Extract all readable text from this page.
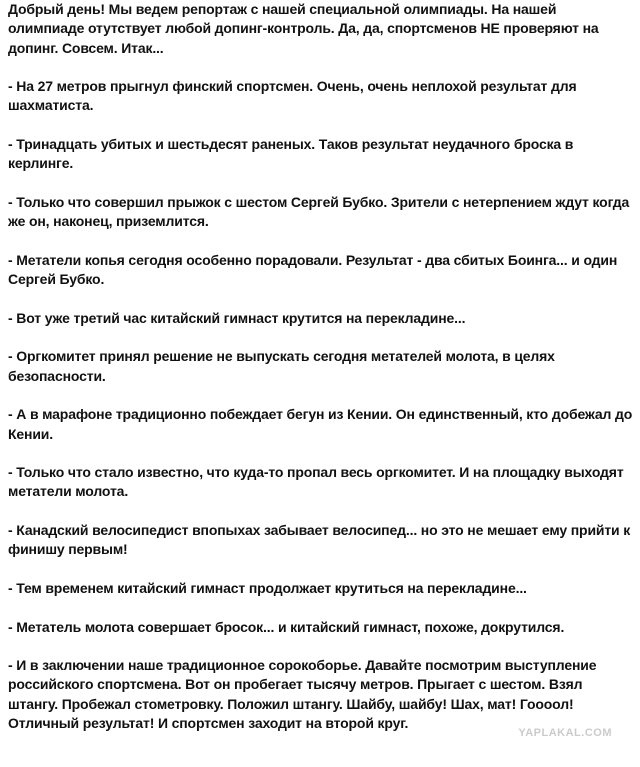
Добрый день! Мы ведем репортаж с нашей специальной олимпиады. На нашей олимпиаде отутствует любой допинг-контроль. Да, да, спортсменов НЕ проверяют на допинг. Совсем. Итак...

- На 27 метров прыгнул финский спортсмен. Очень, очень неплохой результат для шахматиста.

- Тринадцать убитых и шестьдесят раненых. Таков результат неудачного броска в керлинге.

- Только что совершил прыжок с шестом Сергей Бубко. Зрители с нетерпением ждут когда же он, наконец, приземлится.

- Метатели копья сегодня особенно порадовали. Результат - два сбитых Боинга... и один Сергей Бубко.

- Вот уже третий час китайский гимнаст крутится на перекладине...

- Оргкомитет принял решение не выпускать сегодня метателей молота, в целях безопасности.

- А в марафоне традиционно побеждает бегун из Кении. Он единственный, кто добежал до Кении.

- Только что стало известно, что куда-то пропал весь оргкомитет. И на площадку выходят метатели молота.

- Канадский велосипедист впопыхах забывает велосипед... но это не мешает ему прийти к финишу первым!

- Тем временем китайский гимнаст продолжает крутиться на перекладине...

- Метатель молота совершает бросок... и китайский гимнаст, похоже, докрутился.

- И в заключении наше традиционное сорокоборье. Давайте посмотрим выступление российского спортсмена. Вот он пробегает тысячу метров. Прыгает с шестом. Взял штангу. Пробежал стометровку. Положил штангу. Шайбу, шайбу! Шах, мат! Гоооол! Отличный результат! И спортсмен заходит на второй круг.

YAPLAKAL.COM
